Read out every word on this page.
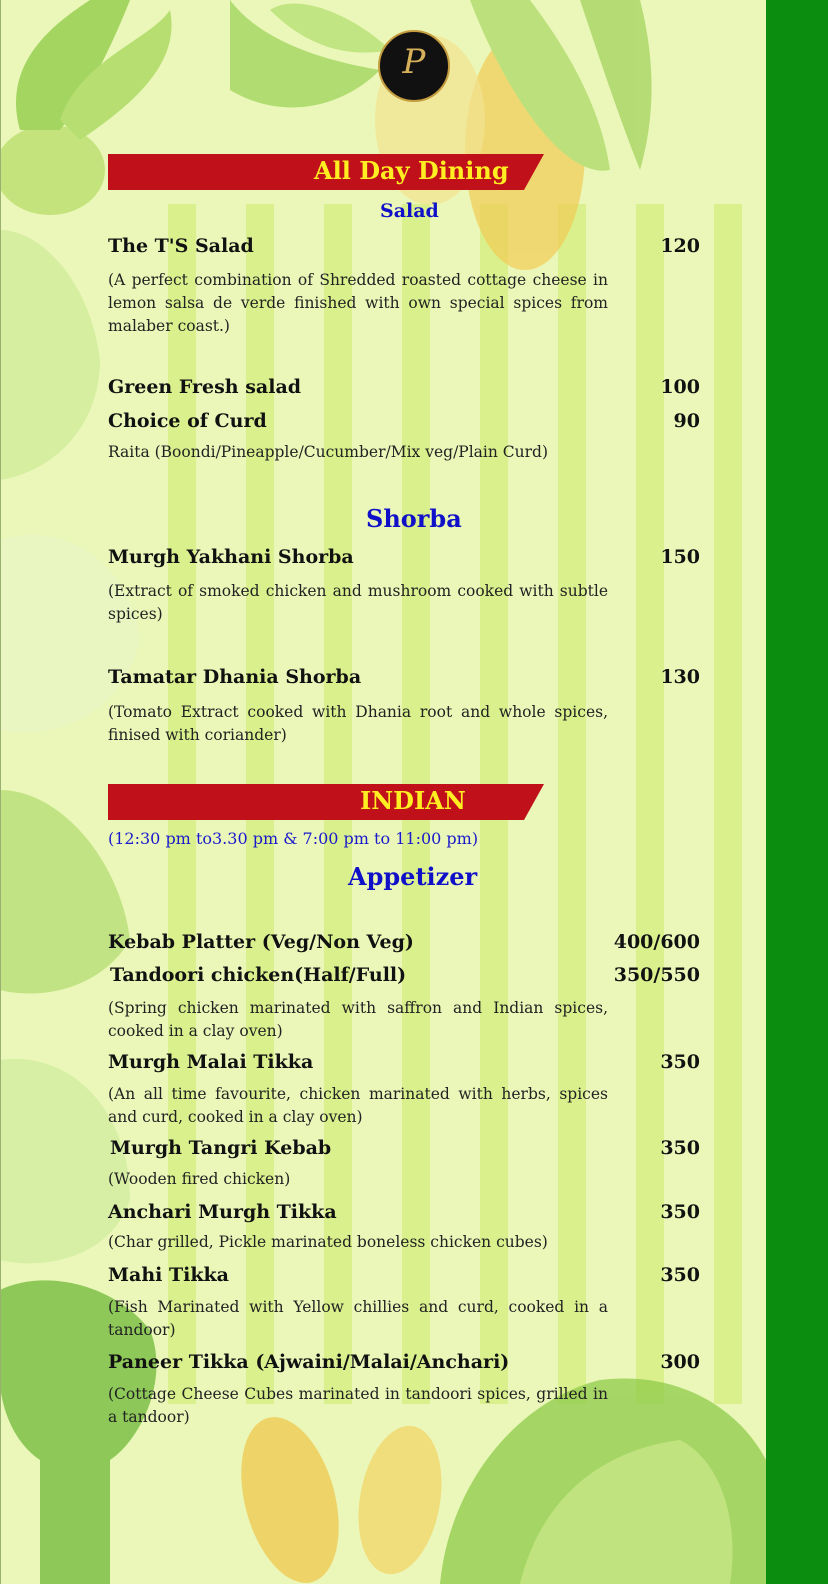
P
All Day Dining
Salad
The T'S Salad	120
(A perfect combination of Shredded roasted cottage cheese in lemon salsa de verde finished with own special spices from malaber coast.)
Green Fresh salad	100
Choice of Curd	90
Raita (Boondi/Pineapple/Cucumber/Mix veg/Plain Curd)
Shorba
Murgh Yakhani Shorba	150
(Extract of smoked chicken and mushroom cooked with subtle spices)
Tamatar Dhania Shorba	130
(Tomato Extract cooked with Dhania root and whole spices, finised with coriander)
INDIAN
(12:30 pm to3.30 pm & 7:00 pm to 11:00 pm)
Appetizer
Kebab Platter (Veg/Non Veg)	400/600
Tandoori chicken(Half/Full)	350/550
(Spring chicken marinated with saffron and Indian spices, cooked in a clay oven)
Murgh Malai Tikka	350
(An all time favourite, chicken marinated with herbs, spices and curd, cooked in a clay oven)
Murgh Tangri Kebab	350
(Wooden fired chicken)
Anchari Murgh Tikka	350
(Char grilled, Pickle marinated boneless chicken cubes)
Mahi Tikka	350
(Fish Marinated with Yellow chillies and curd, cooked in a tandoor)
Paneer Tikka (Ajwaini/Malai/Anchari)	300
(Cottage Cheese Cubes marinated in tandoori spices, grilled in a tandoor)
